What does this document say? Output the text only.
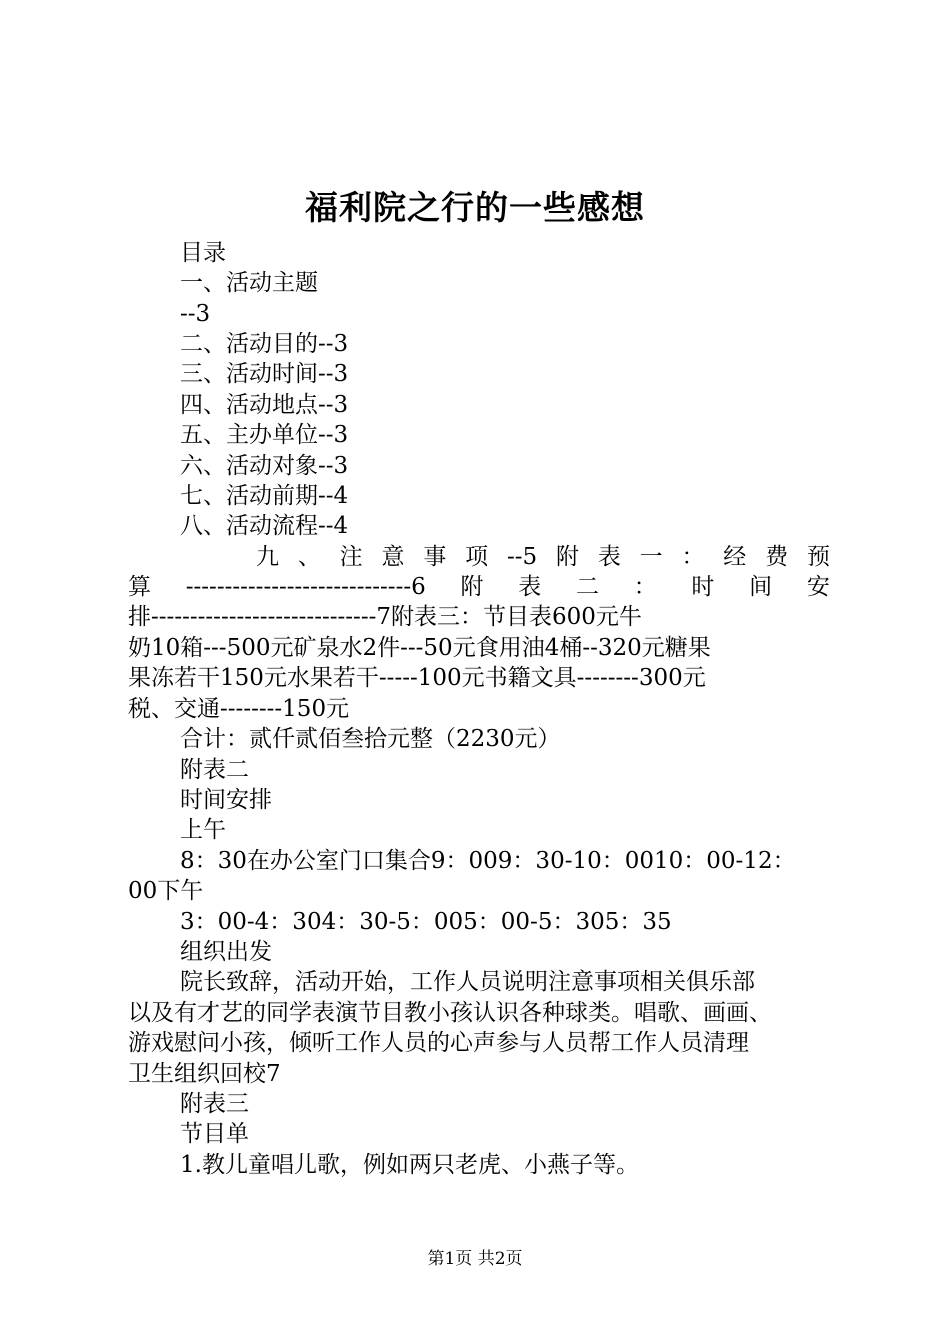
福利院之行的一些感想
目录
一、活动主题
--3
二、活动目的--3
三、活动时间--3
四、活动地点--3
五、主办单位--3
六、活动对象--3
七、活动前期--4
八、活动流程--4
九 、 注 意 事 项 --5 附 表 一 ： 经 费 预
算 -----------------------------6 附 表 二 ： 时 间 安
排-----------------------------7附表三：节目表600元牛
奶10箱---500元矿泉水2件---50元食用油4桶--320元糖果
果冻若干150元水果若干-----100元书籍文具--------300元
税、交通--------150元
合计：贰仟贰佰叁拾元整（2230元）
附表二
时间安排
上午
8：30在办公室门口集合9：009：30-10：0010：00-12：
00下午
3：00-4：304：30-5：005：00-5：305：35
组织出发
院长致辞，活动开始，工作人员说明注意事项相关俱乐部
以及有才艺的同学表演节目教小孩认识各种球类。唱歌、画画、
游戏慰问小孩，倾听工作人员的心声参与人员帮工作人员清理
卫生组织回校7
附表三
节目单
1.教儿童唱儿歌，例如两只老虎、小燕子等。
第1页 共2页
